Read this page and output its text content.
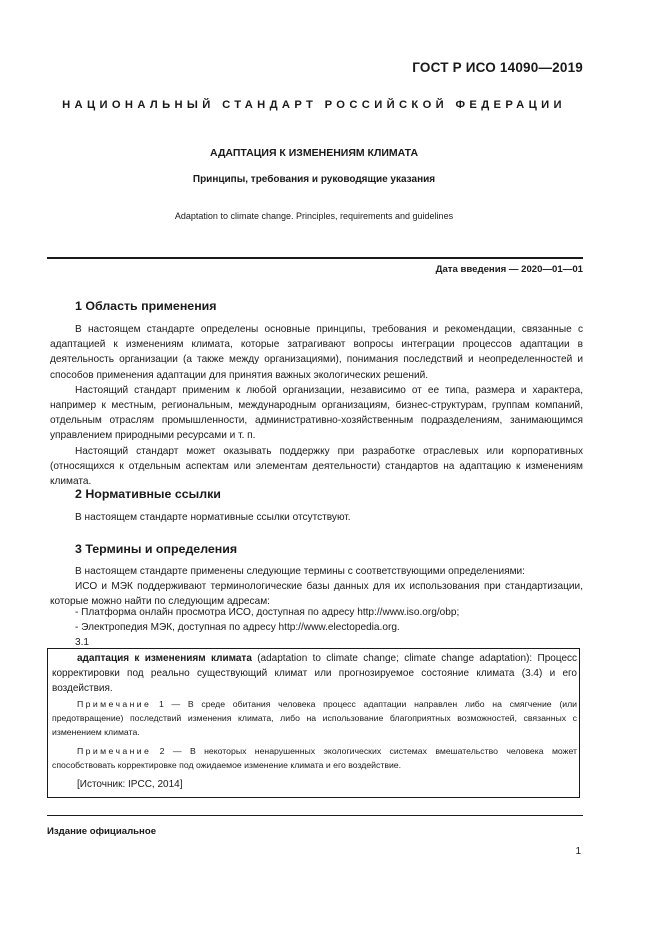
ГОСТ Р ИСО 14090—2019
НАЦИОНАЛЬНЫЙ СТАНДАРТ РОССИЙСКОЙ ФЕДЕРАЦИИ
АДАПТАЦИЯ К ИЗМЕНЕНИЯМ КЛИМАТА
Принципы, требования и руководящие указания
Adaptation to climate change. Principles, requirements and guidelines
Дата введения — 2020—01—01
1 Область применения

В настоящем стандарте определены основные принципы, требования и рекомендации, связанные с адаптацией к изменениям климата, которые затрагивают вопросы интеграции процессов адаптации в деятельность организации (а также между организациями), понимания последствий и неопределенностей и способов применения адаптации для принятия важных экологических решений.

Настоящий стандарт применим к любой организации, независимо от ее типа, размера и характера, например к местным, региональным, международным организациям, бизнес-структурам, группам компаний, отдельным отраслям промышленности, административно-хозяйственным подразделениям, занимающимся управлением природными ресурсами и т. п.

Настоящий стандарт может оказывать поддержку при разработке отраслевых или корпоративных (относящихся к отдельным аспектам или элементам деятельности) стандартов на адаптацию к изменениям климата.

2 Нормативные ссылки

В настоящем стандарте нормативные ссылки отсутствуют.

3 Термины и определения

В настоящем стандарте применены следующие термины с соответствующими определениями:

ИСО и МЭК поддерживают терминологические базы данных для их использования при стандартизации, которые можно найти по следующим адресам:

- Платформа онлайн просмотра ИСО, доступная по адресу http://www.iso.org/obp;
- Электропедия МЭК, доступная по адресу http://www.electopedia.org.
3.1

адаптация к изменениям климата (adaptation to climate change; climate change adaptation): Процесс корректировки под реально существующий климат или прогнозируемое состояние климата (3.4) и его воздействия.

Примечание 1 — В среде обитания человека процесс адаптации направлен либо на смягчение (или предотвращение) последствий изменения климата, либо на использование благоприятных возможностей, связанных с изменением климата.

Примечание 2 — В некоторых ненарушенных экологических системах вмешательство человека может способствовать корректировке под ожидаемое изменение климата и его воздействие.

[Источник: IPCC, 2014]
Издание официальное
1
